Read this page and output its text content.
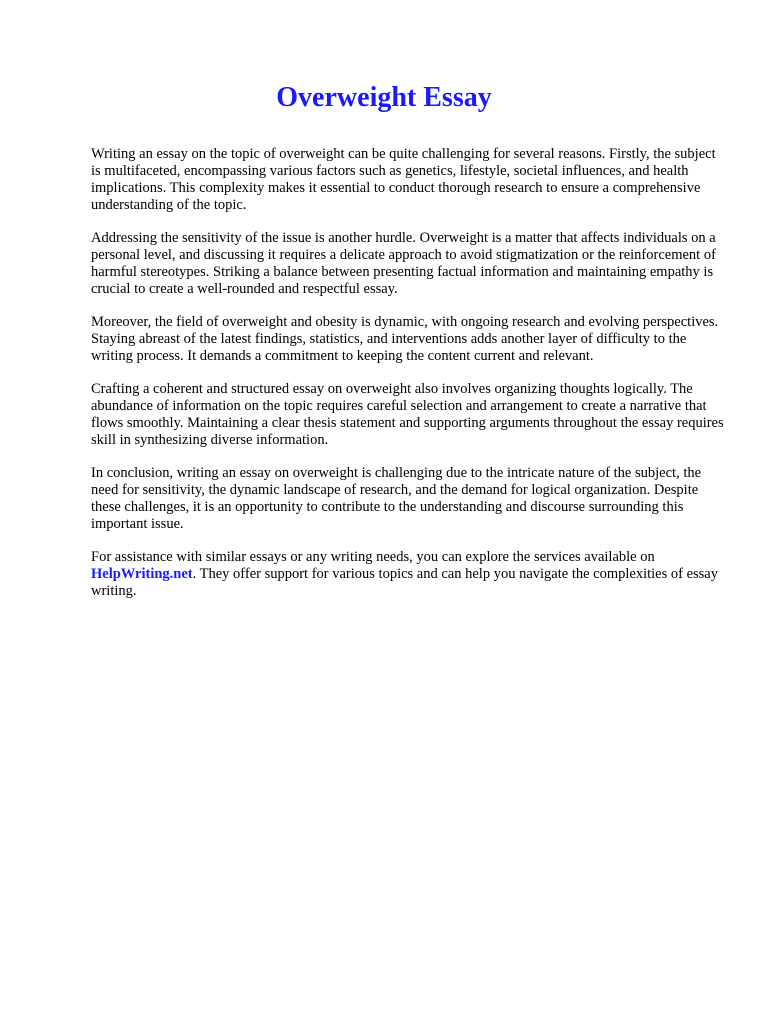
Overweight Essay

Writing an essay on the topic of overweight can be quite challenging for several reasons. Firstly, the subject is multifaceted, encompassing various factors such as genetics, lifestyle, societal influences, and health implications. This complexity makes it essential to conduct thorough research to ensure a comprehensive understanding of the topic.

Addressing the sensitivity of the issue is another hurdle. Overweight is a matter that affects individuals on a personal level, and discussing it requires a delicate approach to avoid stigmatization or the reinforcement of harmful stereotypes. Striking a balance between presenting factual information and maintaining empathy is crucial to create a well-rounded and respectful essay.

Moreover, the field of overweight and obesity is dynamic, with ongoing research and evolving perspectives. Staying abreast of the latest findings, statistics, and interventions adds another layer of difficulty to the writing process. It demands a commitment to keeping the content current and relevant.

Crafting a coherent and structured essay on overweight also involves organizing thoughts logically. The abundance of information on the topic requires careful selection and arrangement to create a narrative that flows smoothly. Maintaining a clear thesis statement and supporting arguments throughout the essay requires skill in synthesizing diverse information.

In conclusion, writing an essay on overweight is challenging due to the intricate nature of the subject, the need for sensitivity, the dynamic landscape of research, and the demand for logical organization. Despite these challenges, it is an opportunity to contribute to the understanding and discourse surrounding this important issue.

For assistance with similar essays or any writing needs, you can explore the services available on HelpWriting.net. They offer support for various topics and can help you navigate the complexities of essay writing.
